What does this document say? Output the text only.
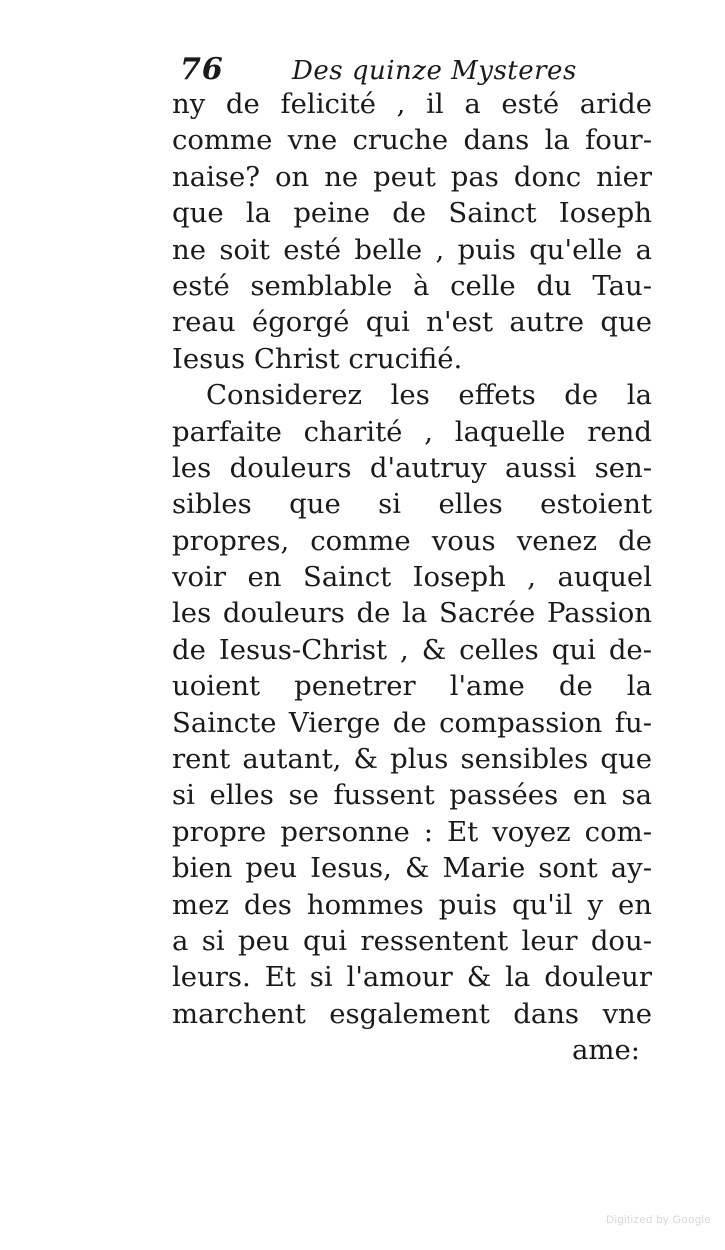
76	Des quinze Mysteres
ny de felicité , il a esté aride
comme vne cruche dans la four-
naise? on ne peut pas donc nier
que la peine de Sainct Ioseph
ne soit esté belle , puis qu'elle a
esté semblable à celle du Tau-
reau égorgé qui n'est autre que
Iesus Christ crucifié.
Considerez les effets de la
parfaite charité , laquelle rend
les douleurs d'autruy aussi sen-
sibles que si elles estoient
propres, comme vous venez de
voir en Sainct Ioseph , auquel
les douleurs de la Sacrée Passion
de Iesus-Christ , & celles qui de-
uoient penetrer l'ame de la
Saincte Vierge de compassion fu-
rent autant, & plus sensibles que
si elles se fussent passées en sa
propre personne : Et voyez com-
bien peu Iesus, & Marie sont ay-
mez des hommes puis qu'il y en
a si peu qui ressentent leur dou-
leurs. Et si l'amour & la douleur
marchent esgalement dans vne
ame:
Digitized by Google
